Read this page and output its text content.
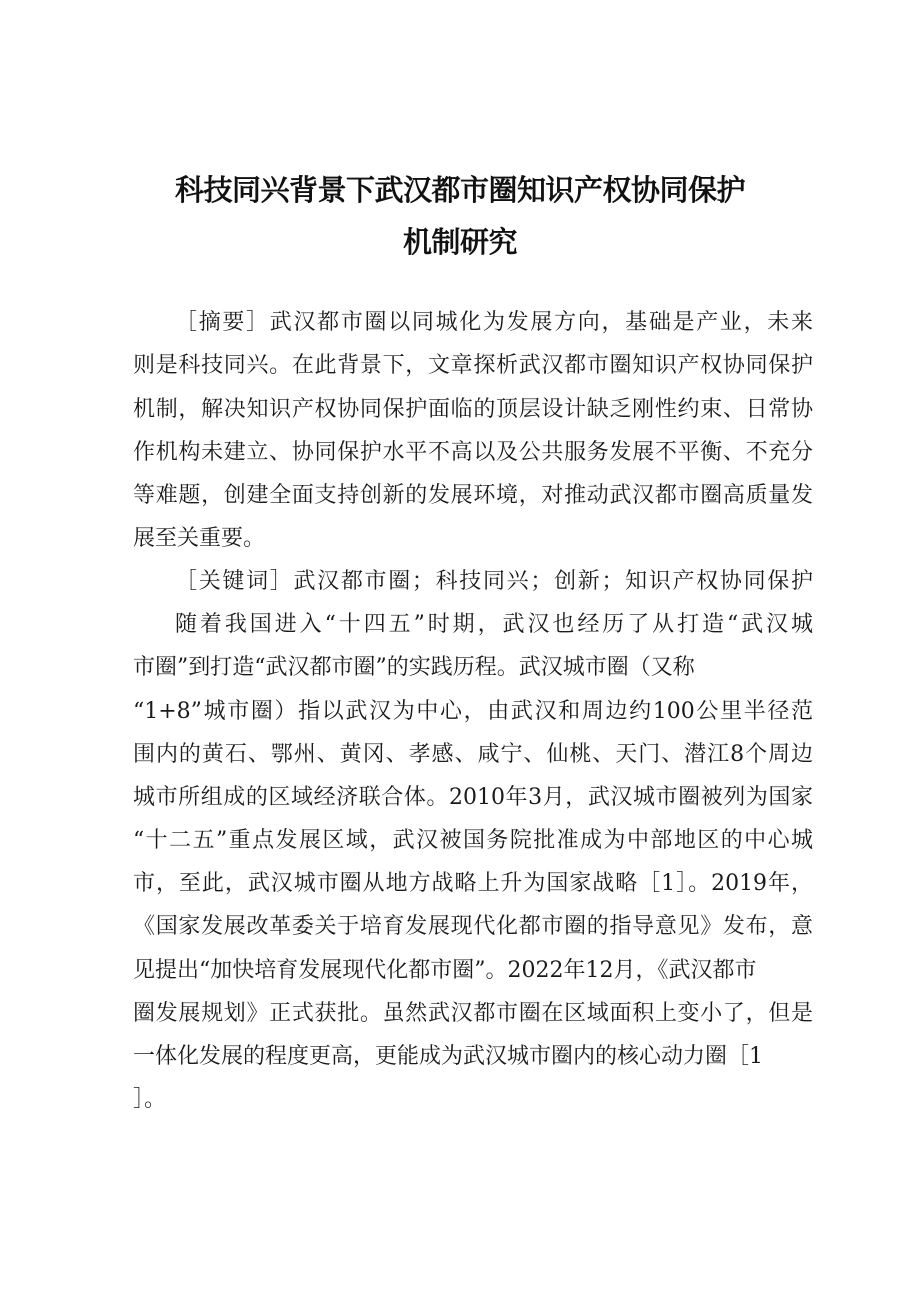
科技同兴背景下武汉都市圈知识产权协同保护
机制研究
［摘要］武汉都市圈以同城化为发展方向，基础是产业，未来
则是科技同兴。在此背景下，文章探析武汉都市圈知识产权协同保护
机制，解决知识产权协同保护面临的顶层设计缺乏刚性约束、日常协
作机构未建立、协同保护水平不高以及公共服务发展不平衡、不充分
等难题，创建全面支持创新的发展环境，对推动武汉都市圈高质量发
展至关重要。
［关键词］武汉都市圈；科技同兴；创新；知识产权协同保护
随着我国进入“十四五”时期，武汉也经历了从打造“武汉城
市圈”到打造“武汉都市圈”的实践历程。武汉城市圈（又称
“1+8”城市圈）指以武汉为中心，由武汉和周边约100公里半径范
围内的黄石、鄂州、黄冈、孝感、咸宁、仙桃、天门、潜江8个周边
城市所组成的区域经济联合体。2010年3月，武汉城市圈被列为国家
“十二五”重点发展区域，武汉被国务院批准成为中部地区的中心城
市，至此，武汉城市圈从地方战略上升为国家战略［1］。2019年，
《国家发展改革委关于培育发展现代化都市圈的指导意见》发布，意
见提出“加快培育发展现代化都市圈”。2022年12月，《武汉都市
圈发展规划》正式获批。虽然武汉都市圈在区域面积上变小了，但是
一体化发展的程度更高，更能成为武汉城市圈内的核心动力圈［1
］。
